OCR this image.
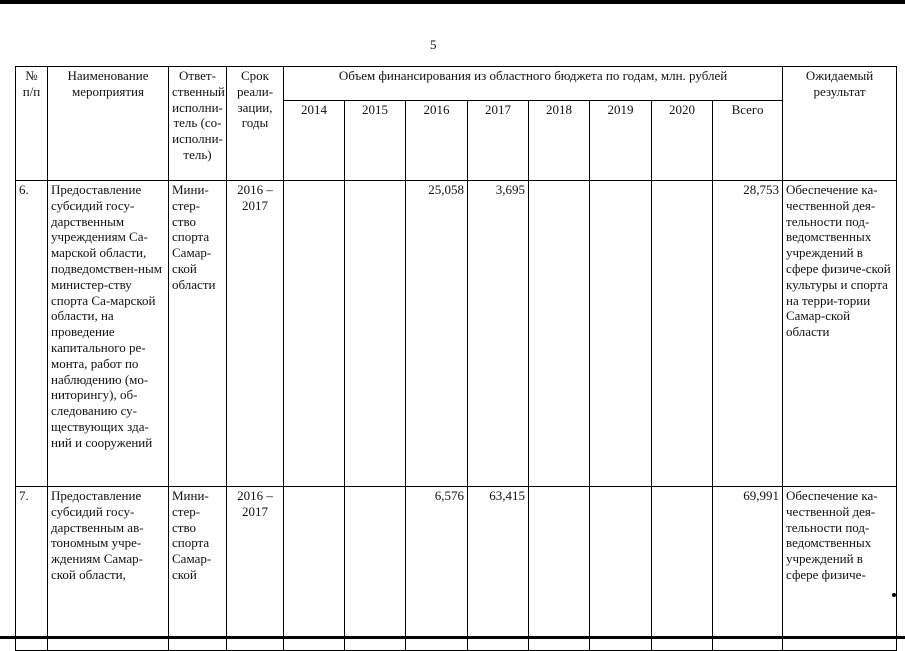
5
№ п/п	Наименование мероприятия	Ответ-ственный исполни-тель (со-исполни-тель)	Срок реали-зации, годы	Объем финансирования из областного бюджета по годам, млн. рублей								Ожидаемый результат
				2014	2015	2016	2017	2018	2019	2020	Всего	
6.	Предоставление субсидий госу-дарственным учреждениям Са-марской области, подведомствен-ным министер-ству спорта Са-марской области, на проведение капитального ре-монта, работ по наблюдению (мо-ниторингу), об-следованию су-ществующих зда-ний и сооружений	Мини-стер-ство спорта Самар-ской области	2016 – 2017			25,058	3,695				28,753	Обеспечение ка-чественной дея-тельности под-ведомственных учреждений в сфере физиче-ской культуры и спорта на терри-тории Самар-ской области
7.	Предоставление субсидий госу-дарственным ав-тономным учре-ждениям Самар-ской области,	Мини-стер-ство спорта Самар-ской	2016 – 2017			6,576	63,415				69,991	Обеспечение ка-чественной дея-тельности под-ведомственных учреждений в сфере физиче-
